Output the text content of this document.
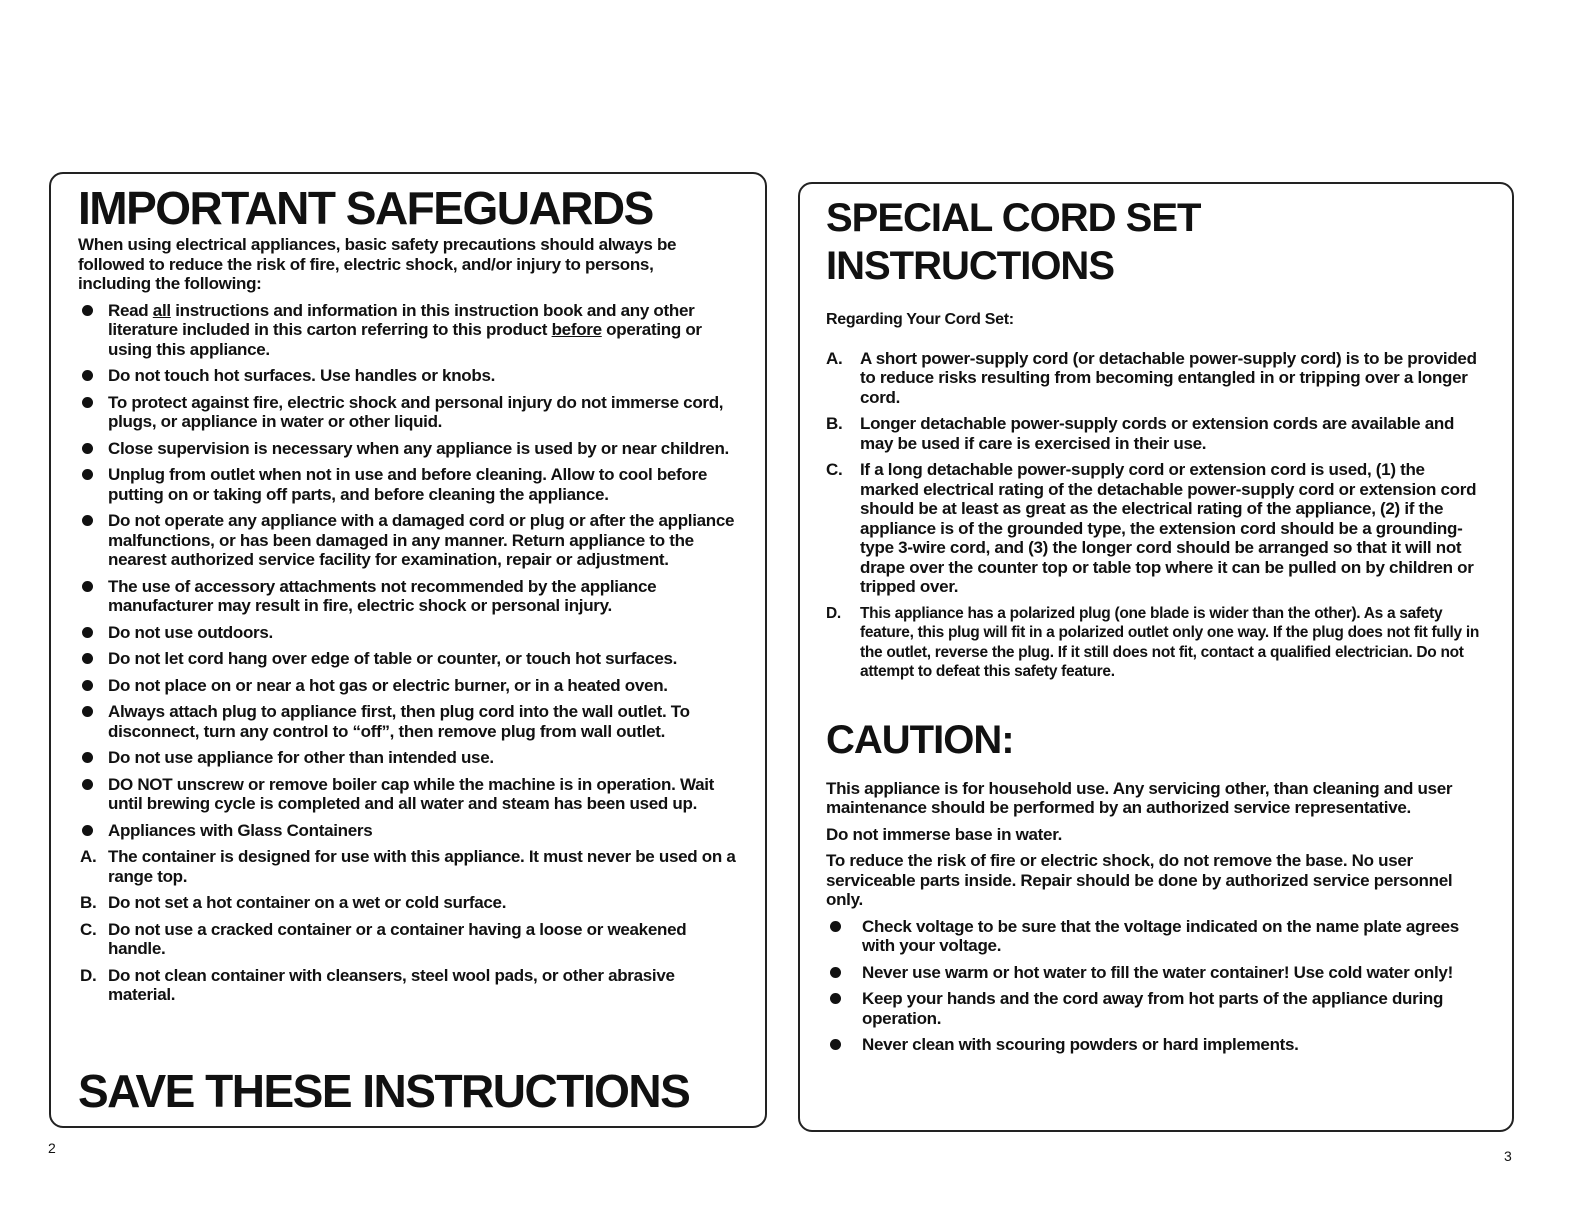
IMPORTANT SAFEGUARDS
When using electrical appliances, basic safety precautions should always be followed to reduce the risk of fire, electric shock, and/or injury to persons, including the following:
Read all instructions and information in this instruction book and any other literature included in this carton referring to this product before operating or using this appliance.
Do not touch hot surfaces. Use handles or knobs.
To protect against fire, electric shock and personal injury do not immerse cord, plugs, or appliance in water or other liquid.
Close supervision is necessary when any appliance is used by or near children.
Unplug from outlet when not in use and before cleaning. Allow to cool before putting on or taking off parts, and before cleaning the appliance.
Do not operate any appliance with a damaged cord or plug or after the appliance malfunctions, or has been damaged in any manner. Return appliance to the nearest authorized service facility for examination, repair or adjustment.
The use of accessory attachments not recommended by the appliance manufacturer may result in fire, electric shock or personal injury.
Do not use outdoors.
Do not let cord hang over edge of table or counter, or touch hot surfaces.
Do not place on or near a hot gas or electric burner, or in a heated oven.
Always attach plug to appliance first, then plug cord into the wall outlet. To disconnect, turn any control to “off”, then remove plug from wall outlet.
Do not use appliance for other than intended use.
DO NOT unscrew or remove boiler cap while the machine is in operation. Wait until brewing cycle is completed and all water and steam has been used up.
Appliances with Glass Containers
A. The container is designed for use with this appliance. It must never be used on a range top.
B. Do not set a hot container on a wet or cold surface.
C. Do not use a cracked container or a container having a loose or weakened handle.
D. Do not clean container with cleansers, steel wool pads, or other abrasive material.
SAVE THESE INSTRUCTIONS
SPECIAL CORD SET
INSTRUCTIONS
Regarding Your Cord Set:
A. A short power-supply cord (or detachable power-supply cord) is to be provided to reduce risks resulting from becoming entangled in or tripping over a longer cord.
B. Longer detachable power-supply cords or extension cords are available and may be used if care is exercised in their use.
C. If a long detachable power-supply cord or extension cord is used, (1) the marked electrical rating of the detachable power-supply cord or extension cord should be at least as great as the electrical rating of the appliance, (2) if the appliance is of the grounded type, the extension cord should be a grounding-type 3-wire cord, and (3) the longer cord should be arranged so that it will not drape over the counter top or table top where it can be pulled on by children or tripped over.
D. This appliance has a polarized plug (one blade is wider than the other). As a safety feature, this plug will fit in a polarized outlet only one way. If the plug does not fit fully in the outlet, reverse the plug. If it still does not fit, contact a qualified electrician. Do not attempt to defeat this safety feature.
CAUTION:

This appliance is for household use. Any servicing other, than cleaning and user maintenance should be performed by an authorized service representative.

Do not immerse base in water.

To reduce the risk of fire or electric shock, do not remove the base. No user serviceable parts inside. Repair should be done by authorized service personnel only.

Check voltage to be sure that the voltage indicated on the name plate agrees with your voltage.
Never use warm or hot water to fill the water container! Use cold water only!
Keep your hands and the cord away from hot parts of the appliance during operation.
Never clean with scouring powders or hard implements.
2	3
